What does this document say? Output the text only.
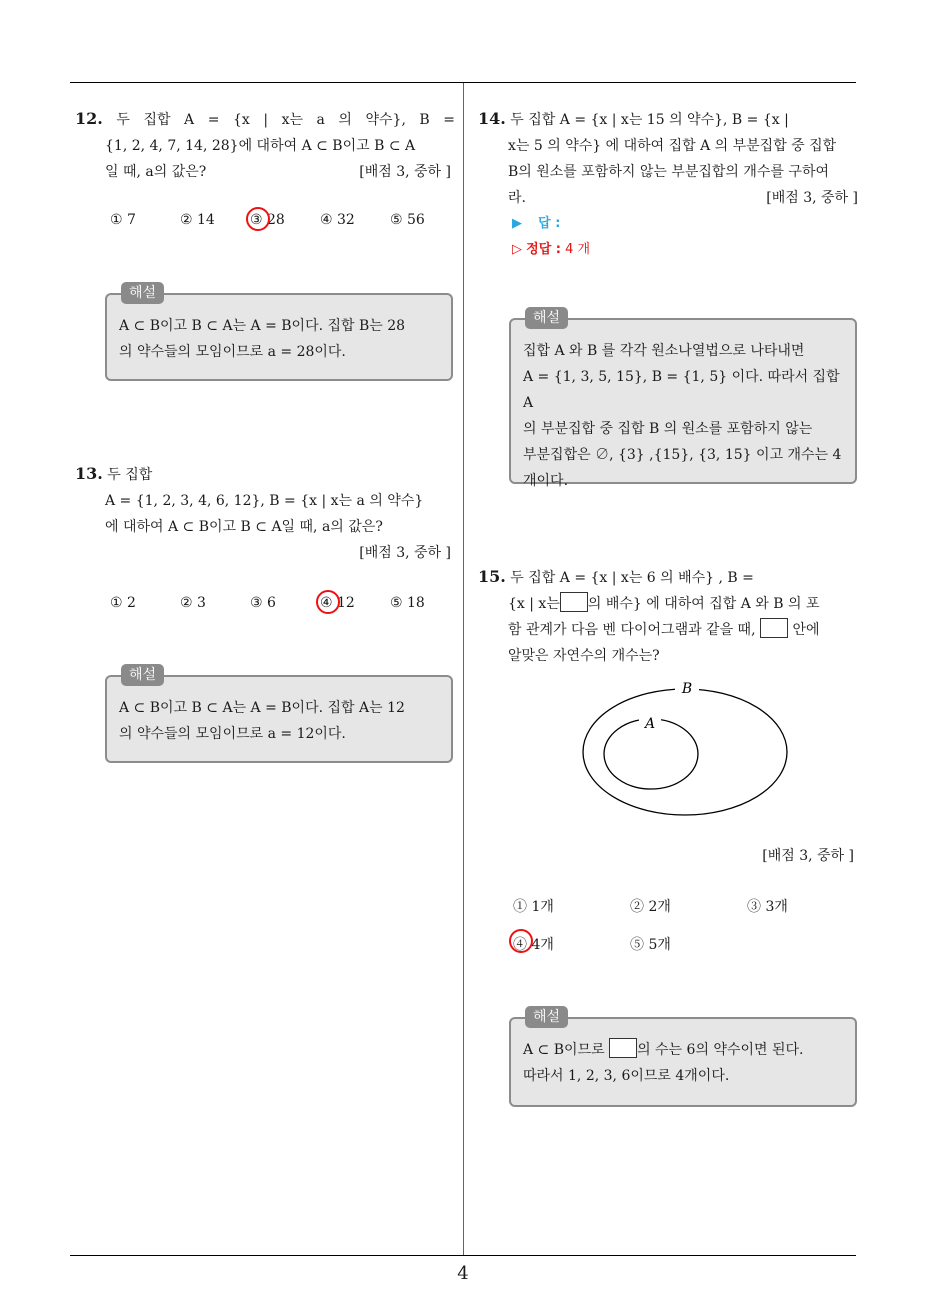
12. 두 집합 A = {x | x는 a 의 약수}, B =
{1, 2, 4, 7, 14, 28}에 대하여 A ⊂ B이고 B ⊂ A
일 때, a의 값은?	[배점 3, 중하 ]
① 7	② 14	③ 28	④ 32	⑤ 56
해설
A ⊂ B이고 B ⊂ A는 A = B이다. 집합 B는 28
의 약수들의 모임이므로 a = 28이다.
13. 두 집합
A = {1, 2, 3, 4, 6, 12}, B = {x | x는 a 의 약수}
에 대하여 A ⊂ B이고 B ⊂ A일 때, a의 값은?
[배점 3, 중하 ]
① 2	② 3	③ 6	④ 12	⑤ 18
해설
A ⊂ B이고 B ⊂ A는 A = B이다. 집합 A는 12
의 약수들의 모임이므로 a = 12이다.
14. 두 집합 A = {x | x는 15 의 약수}, B = {x |
x는 5 의 약수} 에 대하여 집합 A 의 부분집합 중 집합
B의 원소를 포함하지 않는 부분집합의 개수를 구하여
라.	[배점 3, 중하 ]
▶ 답 :
▷ 정답 : 4 개
해설
집합 A 와 B 를 각각 원소나열법으로 나타내면
A = {1, 3, 5, 15}, B = {1, 5} 이다. 따라서 집합 A
의 부분집합 중 집합 B 의 원소를 포함하지 않는
부분집합은 ∅, {3} ,{15}, {3, 15} 이고 개수는 4
개이다.
15. 두 집합 A = {x | x는 6 의 배수} , B =
{x | x는 의 배수} 에 대하여 집합 A 와 B 의 포
함 관계가 다음 벤 다이어그램과 같을 때,	안에
알맞은 자연수의 개수는?
B
A
[배점 3, 중하 ]
① 1개	② 2개	③ 3개
④ 4개	⑤ 5개
해설
A ⊂ B이므로 의 수는 6의 약수이면 된다.
따라서 1, 2, 3, 6이므로 4개이다.
4
